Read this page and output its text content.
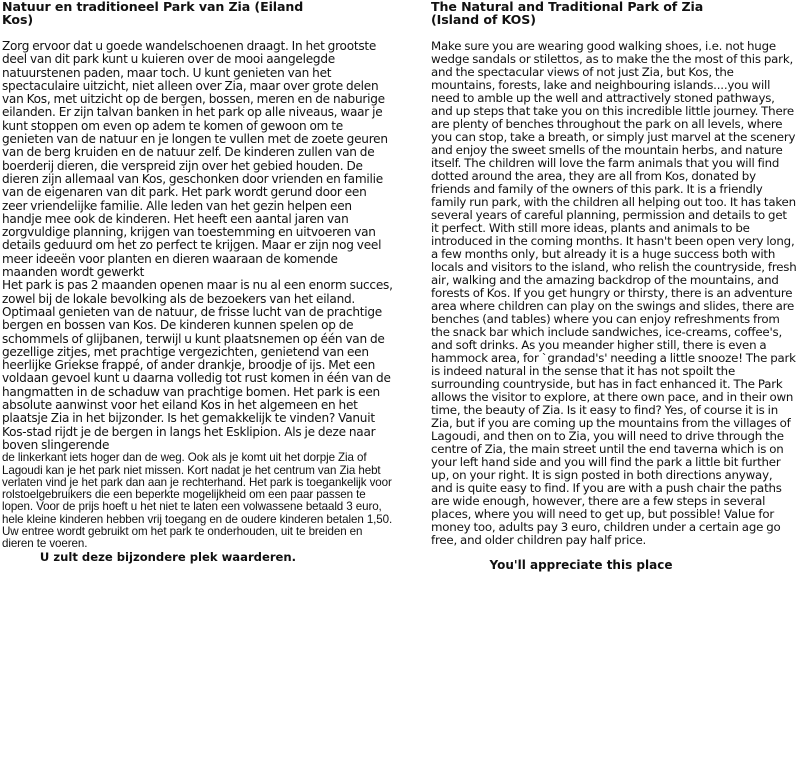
Natuur en traditioneel Park van Zia (Eiland
Kos)

Zorg ervoor dat u goede wandelschoenen draagt. In het grootste deel van dit park kunt u kuieren over de mooi aangelegde natuurstenen paden, maar toch. U kunt genieten van het spectaculaire uitzicht, niet alleen over Zia, maar over grote delen van Kos, met uitzicht op de bergen, bossen, meren en de naburige eilanden. Er zijn talvan banken in het park op alle niveaus, waar je kunt stoppen om even op adem te komen of gewoon om te genieten van de natuur en je longen te vullen met de zoete geuren van de berg kruiden en de natuur zelf. De kinderen zullen van de boerderij dieren, die verspreid zijn over het gebied houden. De dieren zijn allemaal van Kos, geschonken door vrienden en familie van de eigenaren van dit park. Het park wordt gerund door een zeer vriendelijke familie. Alle leden van het gezin helpen een handje mee ook de kinderen. Het heeft een aantal jaren van zorgvuldige planning, krijgen van toestemming en uitvoeren van details geduurd om het zo perfect te krijgen. Maar er zijn nog veel meer ideeën voor planten en dieren waaraan de komende maanden wordt gewerkt
Het park is pas 2 maanden openen maar is nu al een enorm succes, zowel bij de lokale bevolking als de bezoekers van het eiland. Optimaal genieten van de natuur, de frisse lucht van de prachtige bergen en bossen van Kos. De kinderen kunnen spelen op de schommels of glijbanen, terwijl u kunt plaatsnemen op één van de gezellige zitjes, met prachtige vergezichten, genietend van een heerlijke Griekse frappé, of ander drankje, broodje of ijs. Met een voldaan gevoel kunt u daarna volledig tot rust komen in één van de hangmatten in de schaduw van prachtige bomen. Het park is een absolute aanwinst voor het eiland Kos in het algemeen en het plaatsje Zia in het bijzonder. Is het gemakkelijk te vinden? Vanuit Kos-stad rijdt je de bergen in langs het Esklipion. Als je deze naar boven slingerende

de linkerkant iets hoger dan de weg. Ook als je komt uit het dorpje Zia of Lagoudi kan je het park niet missen. Kort nadat je het centrum van Zia hebt verlaten vind je het park dan aan je rechterhand. Het park is toegankelijk voor rolstoelgebruikers die een beperkte mogelijkheid om een paar passen te lopen. Voor de prijs hoeft u het niet te laten een volwassene betaald 3 euro, hele kleine kinderen hebben vrij toegang en de oudere kinderen betalen 1,50. Uw entree wordt gebruikt om het park te onderhouden, uit te breiden en dieren te voeren.

U zult deze bijzondere plek waarderen.

The Natural and Traditional Park of Zia
(Island of KOS)

Make sure you are wearing good walking shoes, i.e. not huge wedge sandals or stilettos, as to make the the most of this park, and the spectacular views of not just Zia, but Kos, the mountains, forests, lake and neighbouring islands....you will need to amble up the well and attractively stoned pathways, and up steps that take you on this incredible little journey. There are plenty of benches throughout the park on all levels, where you can stop, take a breath, or simply just marvel at the scenery and enjoy the sweet smells of the mountain herbs, and nature itself. The children will love the farm animals that you will find dotted around the area, they are all from Kos, donated by friends and family of the owners of this park. It is a friendly family run park, with the children all helping out too. It has taken several years of careful planning, permission and details to get it perfect. With still more ideas, plants and animals to be introduced in the coming months. It hasn't been open very long, a few months only, but already it is a huge success both with locals and visitors to the island, who relish the countryside, fresh air, walking and the amazing backdrop of the mountains, and forests of Kos. If you get hungry or thirsty, there is an adventure area where children can play on the swings and slides, there are benches (and tables) where you can enjoy refreshments from the snack bar which include sandwiches, ice-creams, coffee's, and soft drinks. As you meander higher still, there is even a hammock area, for `grandad's' needing a little snooze! The park is indeed natural in the sense that it has not spoilt the surrounding countryside, but has in fact enhanced it. The Park allows the visitor to explore, at there own pace, and in their own time, the beauty of Zia. Is it easy to find? Yes, of course it is in Zia, but if you are coming up the mountains from the villages of Lagoudi, and then on to Zia, you will need to drive through the centre of Zia, the main street until the end taverna which is on your left hand side and you will find the park a little bit further up, on your right. It is sign posted in both directions anyway, and is quite easy to find. If you are with a push chair the paths are wide enough, however, there are a few steps in several places, where you will need to get up, but possible! Value for money too, adults pay 3 euro, children under a certain age go free, and older children pay half price.

You'll appreciate this place
